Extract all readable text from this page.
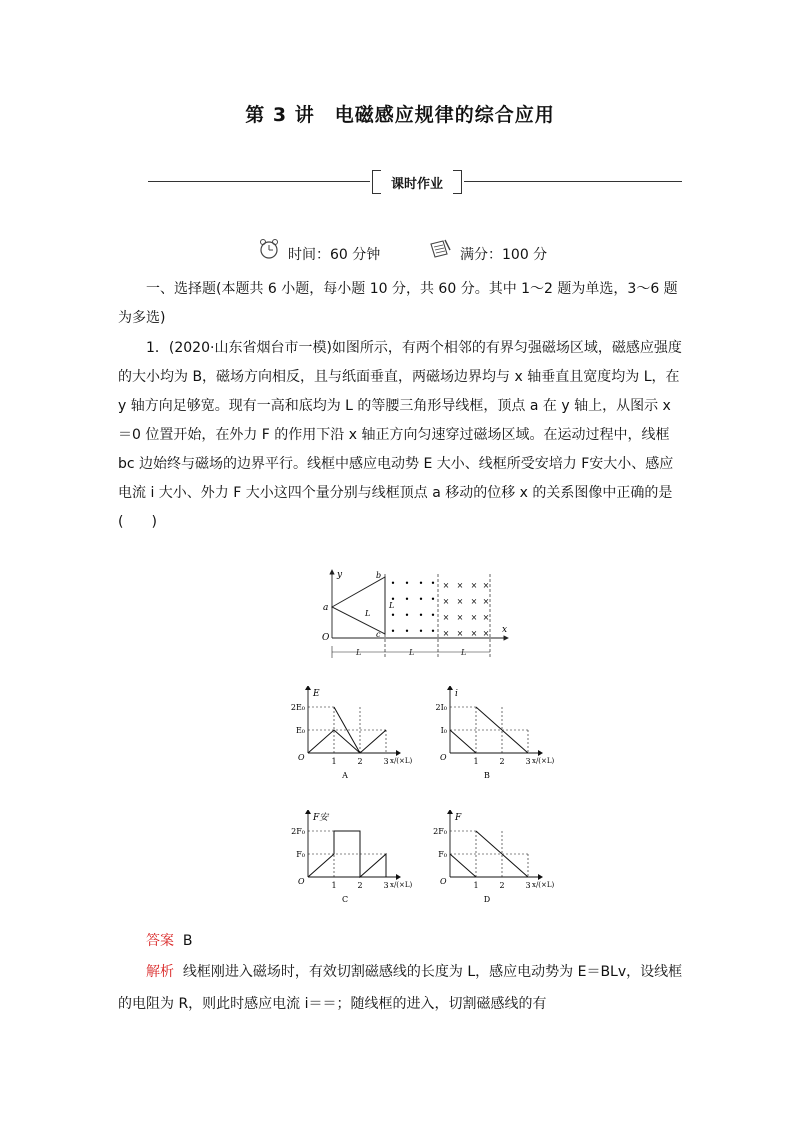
第 3 讲　电磁感应规律的综合应用
课时作业
时间：60 分钟	满分：100 分
一、选择题(本题共 6 小题，每小题 10 分，共 60 分。其中 1～2 题为单选，3～6 题为多选)
1．(2020·山东省烟台市一模)如图所示，有两个相邻的有界匀强磁场区域，磁感应强度的大小均为 B，磁场方向相反，且与纸面垂直，两磁场边界均与 x 轴垂直且宽度均为 L，在 y 轴方向足够宽。现有一高和底均为 L 的等腰三角形导线框，顶点 a 在 y 轴上，从图示 x＝0 位置开始，在外力 F 的作用下沿 x 轴正方向匀速穿过磁场区域。在运动过程中，线框 bc 边始终与磁场的边界平行。线框中感应电动势 E 大小、线框所受安培力 F安大小、感应电流 i 大小、外力 F 大小这四个量分别与线框顶点 a 移动的位移 x 的关系图像中正确的是(　　)
y
x
O
a
b
c
L
L
L	L	L
• • • •
• • • •
• • • •
• • • •
× × × ×
× × × ×
× × × ×
× × × ×
E
2E₀
E₀
O	1	2	3 x/(×L)
A
i
2I₀
I₀
O	1	2	3 x/(×L)
B
F安
2F₀
F₀
O	1	2	3 x/(×L)
C
F
2F₀
F₀
O	1	2	3 x/(×L)
D
答案 B
解析 线框刚进入磁场时，有效切割磁感线的长度为 L，感应电动势为 E＝BLv，设线框的电阻为 R，则此时感应电流 i＝＝；随线框的进入，切割磁感线的有
